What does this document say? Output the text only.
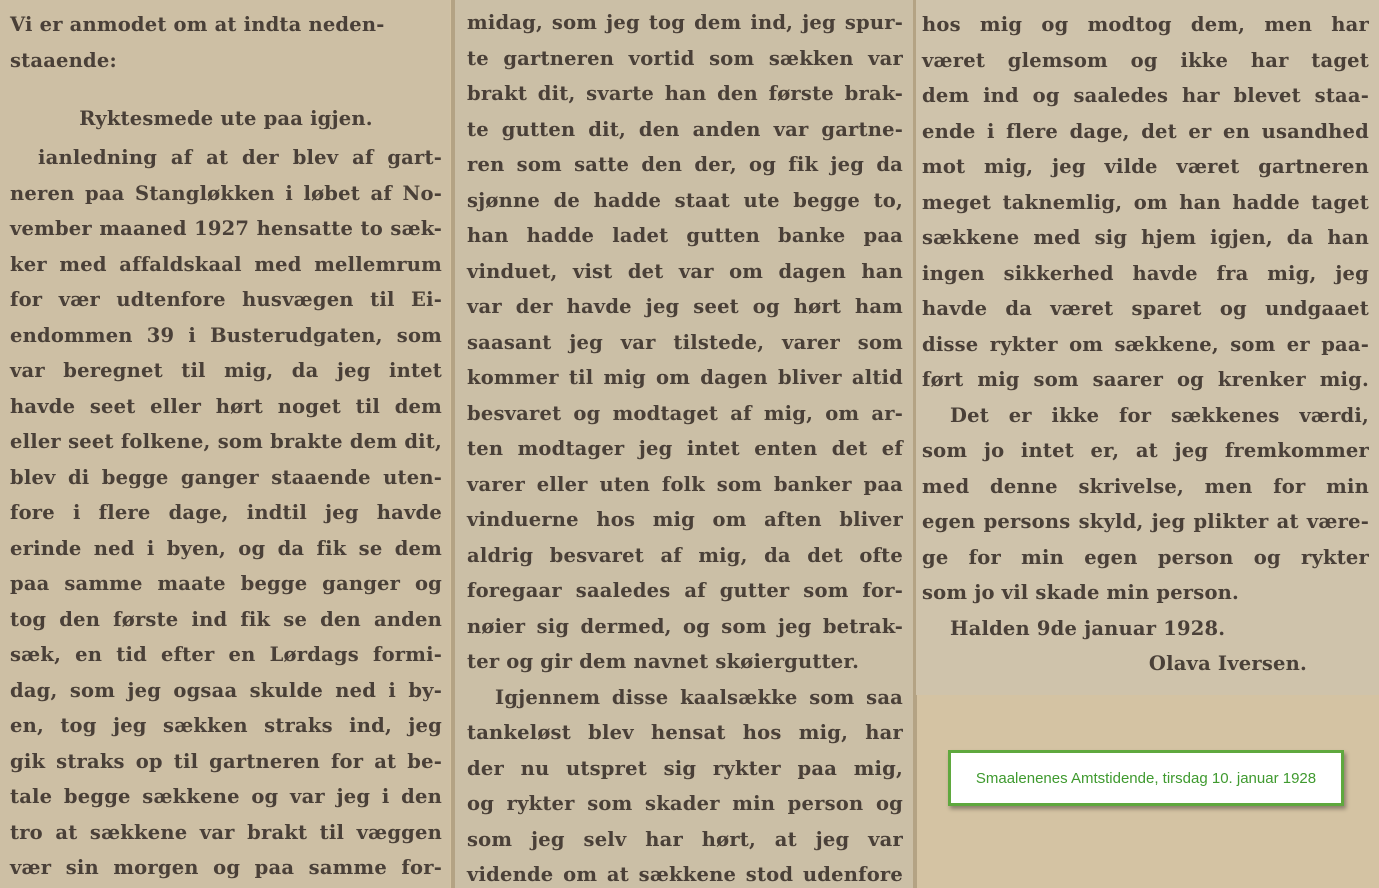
Vi er anmodet om at indta neden-
staaende:
Ryktesmede ute paa igjen.
ianledning af at der blev af gart-
neren paa Stangløkken i løbet af No-
vember maaned 1927 hensatte to sæk-
ker med affaldskaal med mellemrum
for vær udtenfore husvægen til Ei-
endommen 39 i Busterudgaten, som
var beregnet til mig, da jeg intet
havde seet eller hørt noget til dem
eller seet folkene, som brakte dem dit,
blev di begge ganger staaende uten-
fore i flere dage, indtil jeg havde
erinde ned i byen, og da fik se dem
paa samme maate begge ganger og
tog den første ind fik se den anden
sæk, en tid efter en Lørdags formi-
dag, som jeg ogsaa skulde ned i by-
en, tog jeg sækken straks ind, jeg
gik straks op til gartneren for at be-
tale begge sækkene og var jeg i den
tro at sækkene var brakt til væggen
vær sin morgen og paa samme for-
midag, som jeg tog dem ind, jeg spur-
te gartneren vortid som sækken var
brakt dit, svarte han den første brak-
te gutten dit, den anden var gartne-
ren som satte den der, og fik jeg da
sjønne de hadde staat ute begge to,
han hadde ladet gutten banke paa
vinduet, vist det var om dagen han
var der havde jeg seet og hørt ham
saasant jeg var tilstede, varer som
kommer til mig om dagen bliver altid
besvaret og modtaget af mig, om ar-
ten modtager jeg intet enten det ef
varer eller uten folk som banker paa
vinduerne hos mig om aften bliver
aldrig besvaret af mig, da det ofte
foregaar saaledes af gutter som for-
nøier sig dermed, og som jeg betrak-
ter og gir dem navnet skøiergutter.
Igjennem disse kaalsække som saa
tankeløst blev hensat hos mig, har
der nu utspret sig rykter paa mig,
og rykter som skader min person og
som jeg selv har hørt, at jeg var
vidende om at sækkene stod udenfore
hos mig og modtog dem, men har
været glemsom og ikke har taget
dem ind og saaledes har blevet staa-
ende i flere dage, det er en usandhed
mot mig, jeg vilde været gartneren
meget taknemlig, om han hadde taget
sækkene med sig hjem igjen, da han
ingen sikkerhed havde fra mig, jeg
havde da været sparet og undgaaet
disse rykter om sækkene, som er paa-
ført mig som saarer og krenker mig.
Det er ikke for sækkenes værdi,
som jo intet er, at jeg fremkommer
med denne skrivelse, men for min
egen persons skyld, jeg plikter at være-
ge for min egen person og rykter
som jo vil skade min person.
Halden 9de januar 1928.
Olava Iversen.
Smaalenenes Amtstidende, tirsdag 10. januar 1928
